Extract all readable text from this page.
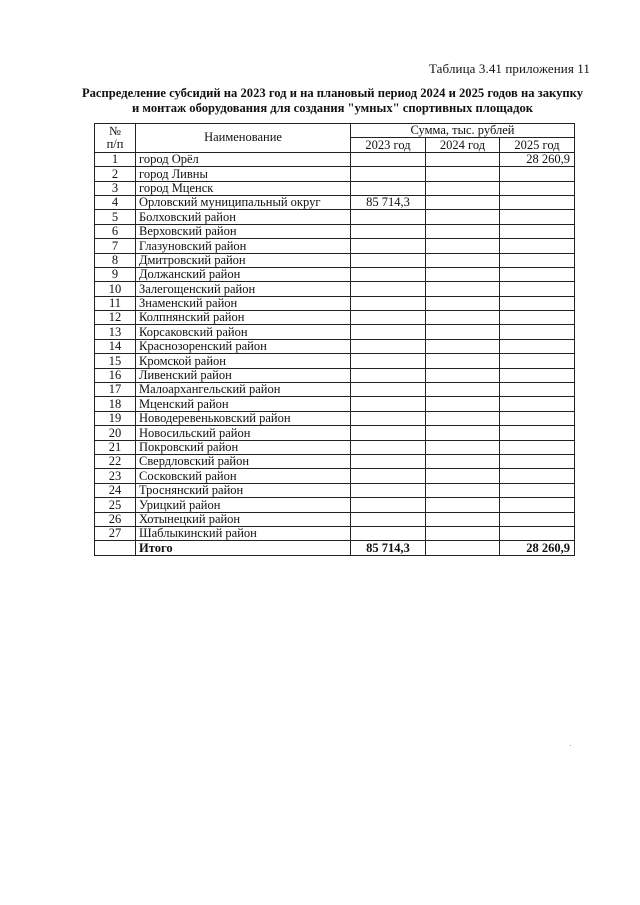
Таблица 3.41 приложения 11
Распределение субсидий на 2023 год и на плановый период 2024 и 2025 годов на закупку
и монтаж оборудования для создания "умных" спортивных площадок
№ п/п	Наименование	Сумма, тыс. рублей		
		2023 год	2024 год	2025 год
1	город Орёл			28 260,9
2	город Ливны			
3	город Мценск			
4	Орловский муниципальный округ	85 714,3		
5	Болховский район			
6	Верховский район			
7	Глазуновский район			
8	Дмитровский район			
9	Должанский район			
10	Залегощенский район			
11	Знаменский район			
12	Колпнянский район			
13	Корсаковский район			
14	Краснозоренский район			
15	Кромской район			
16	Ливенский район			
17	Малоархангельский район			
18	Мценский район			
19	Новодеревеньковский район			
20	Новосильский район			
21	Покровский район			
22	Свердловский район			
23	Сосковский район			
24	Троснянский район			
25	Урицкий район			
26	Хотынецкий район			
27	Шаблыкинский район			
	Итого	85 714,3		28 260,9
